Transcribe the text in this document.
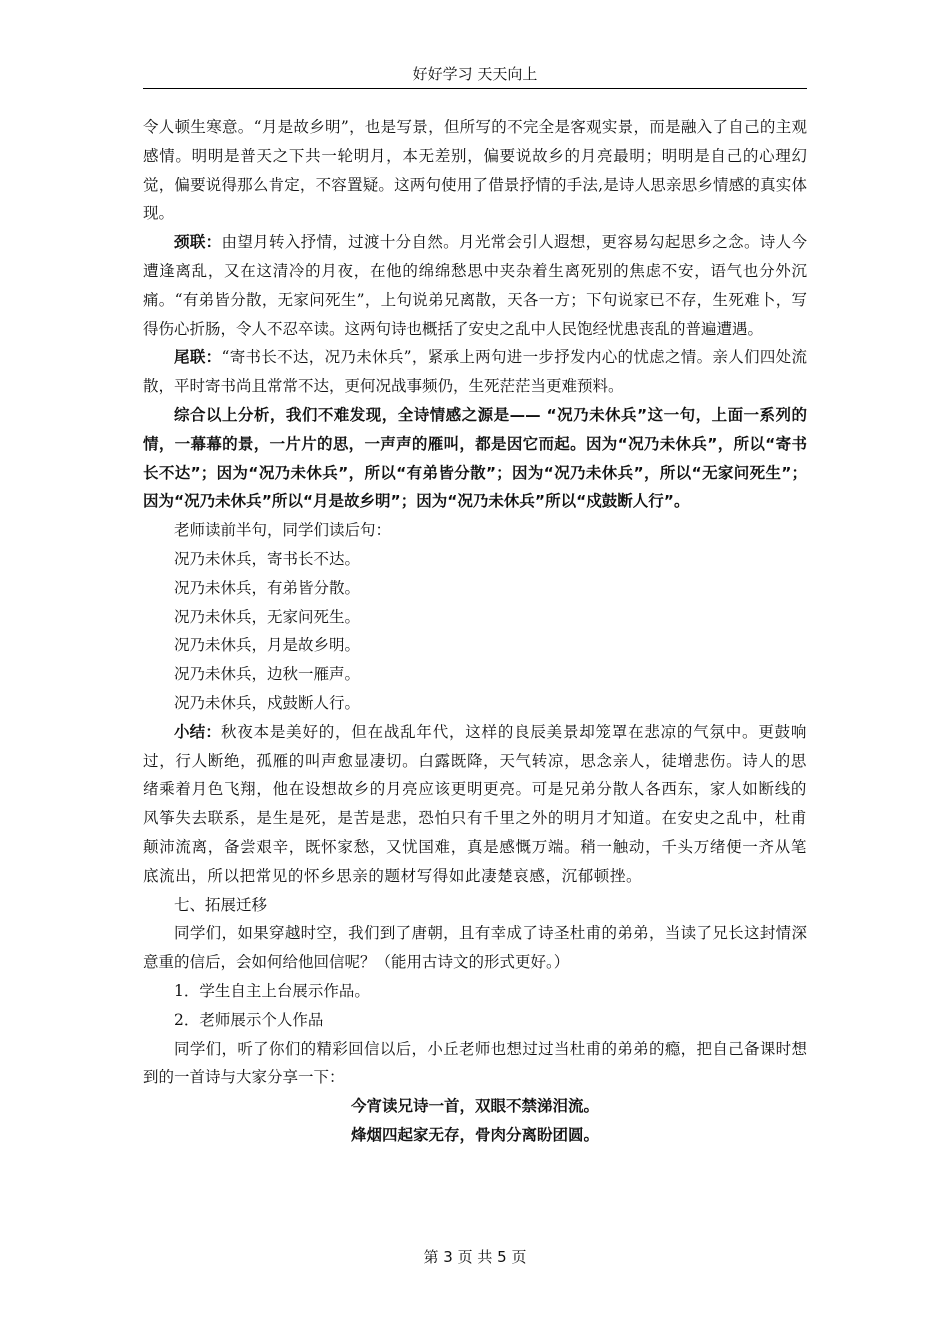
好好学习 天天向上

令人顿生寒意。“月是故乡明”，也是写景，但所写的不完全是客观实景，而是融入了自己的主观感情。明明是普天之下共一轮明月，本无差别，偏要说故乡的月亮最明；明明是自己的心理幻觉，偏要说得那么肯定，不容置疑。这两句使用了借景抒情的手法,是诗人思亲思乡情感的真实体现。

颈联：由望月转入抒情，过渡十分自然。月光常会引人遐想，更容易勾起思乡之念。诗人今遭逢离乱，又在这清冷的月夜，在他的绵绵愁思中夹杂着生离死别的焦虑不安，语气也分外沉痛。“有弟皆分散，无家问死生”，上句说弟兄离散，天各一方；下句说家已不存，生死难卜，写得伤心折肠，令人不忍卒读。这两句诗也概括了安史之乱中人民饱经忧患丧乱的普遍遭遇。

尾联：“寄书长不达，况乃未休兵”，紧承上两句进一步抒发内心的忧虑之情。亲人们四处流散，平时寄书尚且常常不达，更何况战事频仍，生死茫茫当更难预料。

综合以上分析，我们不难发现，全诗情感之源是—— “况乃未休兵”这一句，上面一系列的情，一幕幕的景，一片片的思，一声声的雁叫，都是因它而起。因为“况乃未休兵”，所以“寄书长不达”；因为“况乃未休兵”，所以“有弟皆分散”；因为“况乃未休兵”，所以“无家问死生”；因为“况乃未休兵”所以“月是故乡明”；因为“况乃未休兵”所以“戍鼓断人行”。

老师读前半句，同学们读后句：

况乃未休兵，寄书长不达。

况乃未休兵，有弟皆分散。

况乃未休兵，无家问死生。

况乃未休兵，月是故乡明。

况乃未休兵，边秋一雁声。

况乃未休兵，戍鼓断人行。

小结：秋夜本是美好的，但在战乱年代，这样的良辰美景却笼罩在悲凉的气氛中。更鼓响过，行人断绝，孤雁的叫声愈显凄切。白露既降，天气转凉，思念亲人，徒增悲伤。诗人的思绪乘着月色飞翔，他在设想故乡的月亮应该更明更亮。可是兄弟分散人各西东，家人如断线的风筝失去联系，是生是死，是苦是悲，恐怕只有千里之外的明月才知道。在安史之乱中，杜甫颠沛流离，备尝艰辛，既怀家愁，又忧国难，真是感慨万端。稍一触动，千头万绪便一齐从笔底流出，所以把常见的怀乡思亲的题材写得如此凄楚哀感，沉郁顿挫。

七、拓展迁移

同学们，如果穿越时空，我们到了唐朝，且有幸成了诗圣杜甫的弟弟，当读了兄长这封情深意重的信后，会如何给他回信呢？（能用古诗文的形式更好。）

1．学生自主上台展示作品。

2．老师展示个人作品

同学们，听了你们的精彩回信以后，小丘老师也想过过当杜甫的弟弟的瘾，把自己备课时想到的一首诗与大家分享一下：

今宵读兄诗一首，双眼不禁涕泪流。

烽烟四起家无存，骨肉分离盼团圆。

第 3 页 共 5 页
